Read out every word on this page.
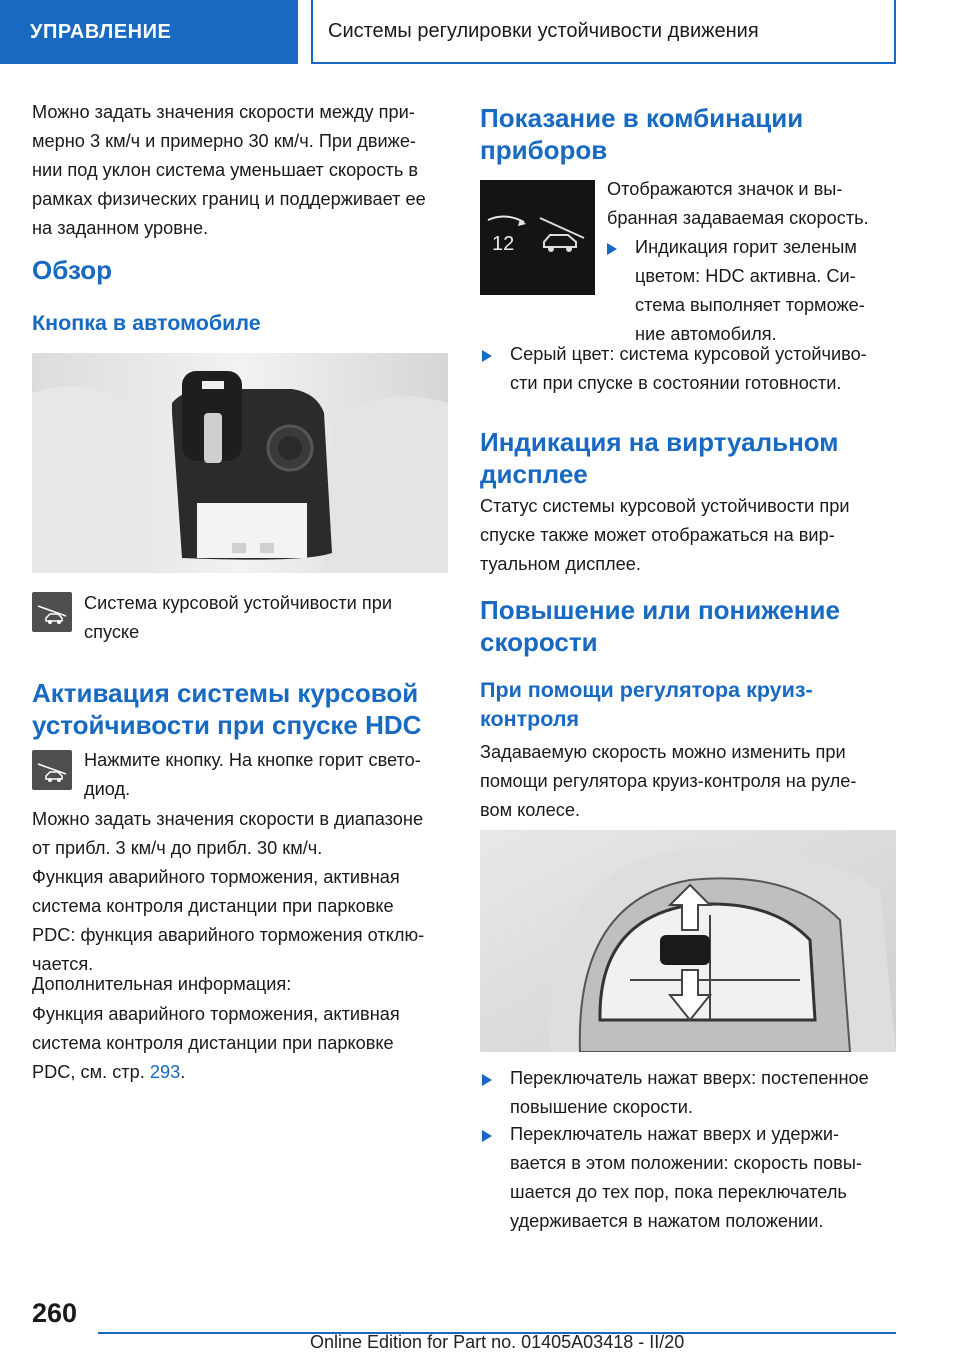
УПРАВЛЕНИЕ	Системы регулировки устойчивости движения

Можно задать значения скорости между при‐

мерно 3 км/ч и примерно 30 км/ч. При движе‐

нии под уклон система уменьшает скорость в

рамках физических границ и поддерживает ее

на заданном уровне.

Обзор
Кнопка в автомобиле

Система курсовой устойчивости при

спуске

Активация системы курсовой

устойчивости при спуске HDC

Нажмите кнопку. На кнопке горит свето‐

диод.

Можно задать значения скорости в диапазоне

от прибл. 3 км/ч до прибл. 30 км/ч.

Функция аварийного торможения, активная

система контроля дистанции при парковке

PDC: функция аварийного торможения отклю‐

чается.

Дополнительная информация:

Функция аварийного торможения, активная

система контроля дистанции при парковке

PDC, см. стр. 293.

Показание в комбинации

приборов

12

Отображаются значок и вы‐

бранная задаваемая скорость.

Индикация горит зеленым

цветом: HDC активна. Си‐

стема выполняет торможе‐

ние автомобиля.

Серый цвет: система курсовой устойчиво‐

сти при спуске в состоянии готовности.

Индикация на виртуальном

дисплее

Статус системы курсовой устойчивости при

спуске также может отображаться на вир‐

туальном дисплее.

Повышение или понижение

скорости

При помощи регулятора круиз‐

контроля

Задаваемую скорость можно изменить при

помощи регулятора круиз-контроля на руле‐

вом колесе.

Переключатель нажат вверх: постепенное

повышение скорости.

Переключатель нажат вверх и удержи‐

вается в этом положении: скорость повы‐

шается до тех пор, пока переключатель

удерживается в нажатом положении.

260
Online Edition for Part no. 01405A03418 - II/20
